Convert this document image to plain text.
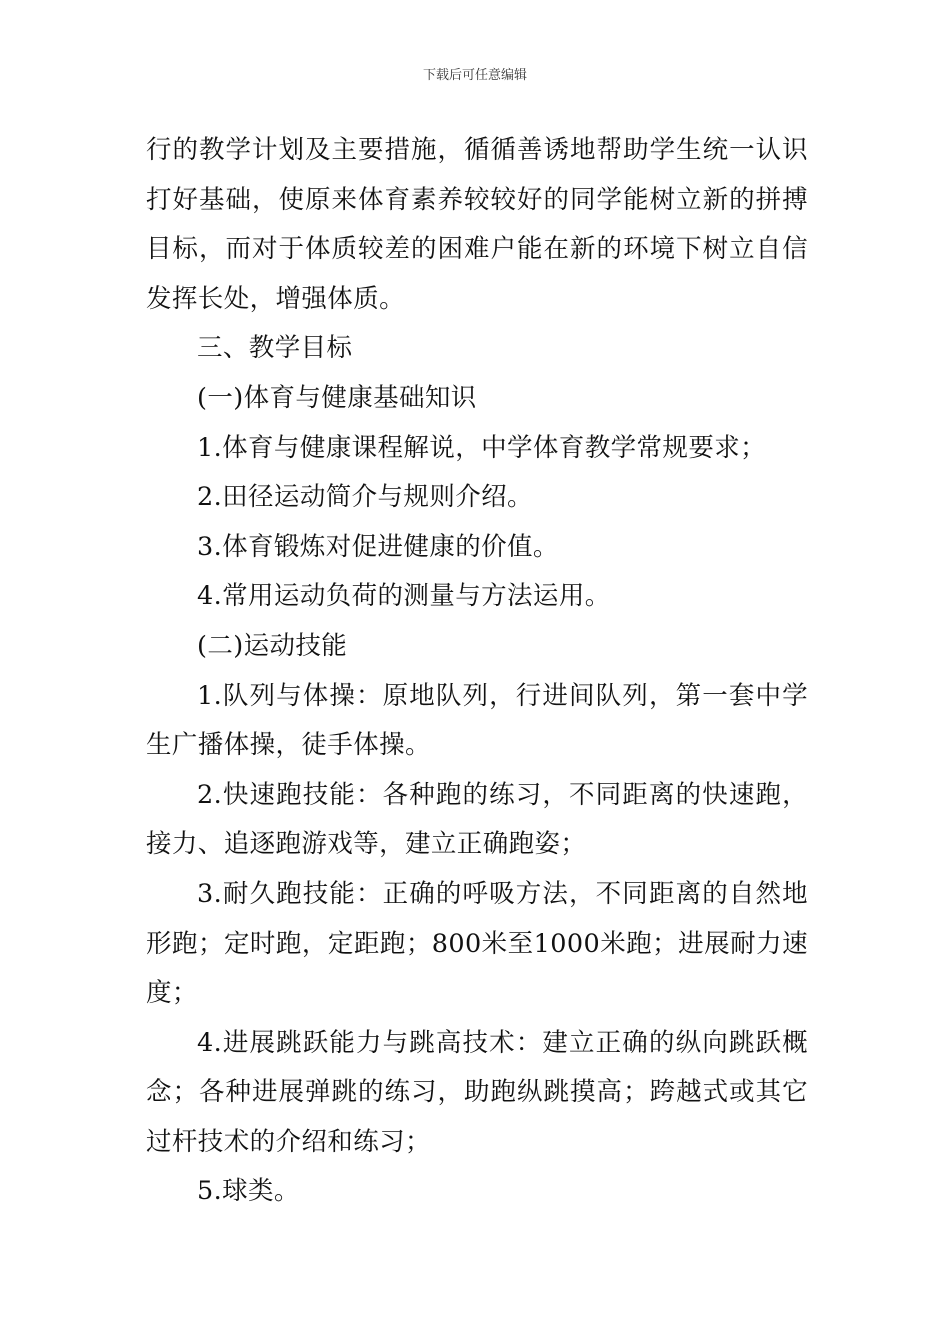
下载后可任意编辑

行的教学计划及主要措施，循循善诱地帮助学生统一认识打好基础，使原来体育素养较较好的同学能树立新的拼搏目标，而对于体质较差的困难户能在新的环境下树立自信发挥长处，增强体质。

三、教学目标

(一)体育与健康基础知识

1.体育与健康课程解说，中学体育教学常规要求；

2.田径运动简介与规则介绍。

3.体育锻炼对促进健康的价值。

4.常用运动负荷的测量与方法运用。

(二)运动技能

1.队列与体操：原地队列，行进间队列，第一套中学生广播体操，徒手体操。

2.快速跑技能：各种跑的练习，不同距离的快速跑，接力、追逐跑游戏等，建立正确跑姿；

3.耐久跑技能：正确的呼吸方法，不同距离的自然地形跑；定时跑，定距跑；800米至1000米跑；进展耐力速度；

4.进展跳跃能力与跳高技术：建立正确的纵向跳跃概念；各种进展弹跳的练习，助跑纵跳摸高；跨越式或其它过杆技术的介绍和练习；

5.球类。
